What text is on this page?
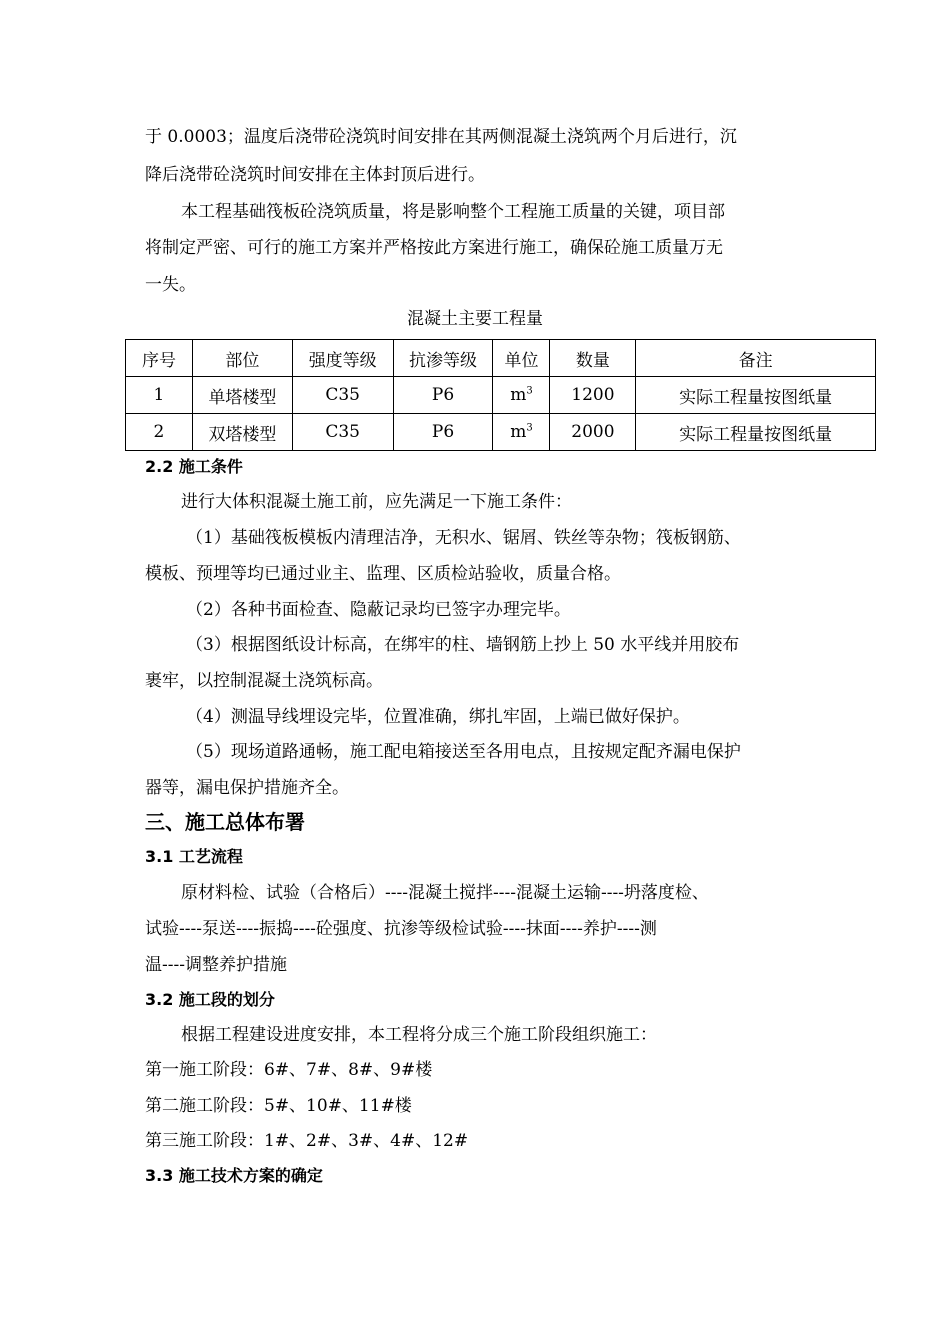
于 0.0003；温度后浇带砼浇筑时间安排在其两侧混凝土浇筑两个月后进行，沉
降后浇带砼浇筑时间安排在主体封顶后进行。
本工程基础筏板砼浇筑质量，将是影响整个工程施工质量的关键，项目部
将制定严密、可行的施工方案并严格按此方案进行施工，确保砼施工质量万无
一失。
混凝土主要工程量
序号	部位	强度等级	抗渗等级	单位	数量	备注
1	单塔楼型	C35	P6	$m^3$	1200	实际工程量按图纸量
2	双塔楼型	C35	P6	$m^3$	2000	实际工程量按图纸量
2.2 施工条件
进行大体积混凝土施工前，应先满足一下施工条件：
（1）基础筏板模板内清理洁净，无积水、锯屑、铁丝等杂物；筏板钢筋、
模板、预埋等均已通过业主、监理、区质检站验收，质量合格。
（2）各种书面检查、隐蔽记录均已签字办理完毕。
（3）根据图纸设计标高，在绑牢的柱、墙钢筋上抄上 50 水平线并用胶布
裹牢，以控制混凝土浇筑标高。
（4）测温导线埋设完毕，位置准确，绑扎牢固，上端已做好保护。
（5）现场道路通畅，施工配电箱接送至各用电点，且按规定配齐漏电保护
器等，漏电保护措施齐全。
三、施工总体布署
3.1 工艺流程
原材料检、试验（合格后）----混凝土搅拌----混凝土运输----坍落度检、
试验----泵送----振捣----砼强度、抗渗等级检试验----抹面----养护----测
温----调整养护措施
3.2 施工段的划分
根据工程建设进度安排，本工程将分成三个施工阶段组织施工：
第一施工阶段：6#、7#、8#、9#楼
第二施工阶段：5#、10#、11#楼
第三施工阶段：1#、2#、3#、4#、12#
3.3 施工技术方案的确定
